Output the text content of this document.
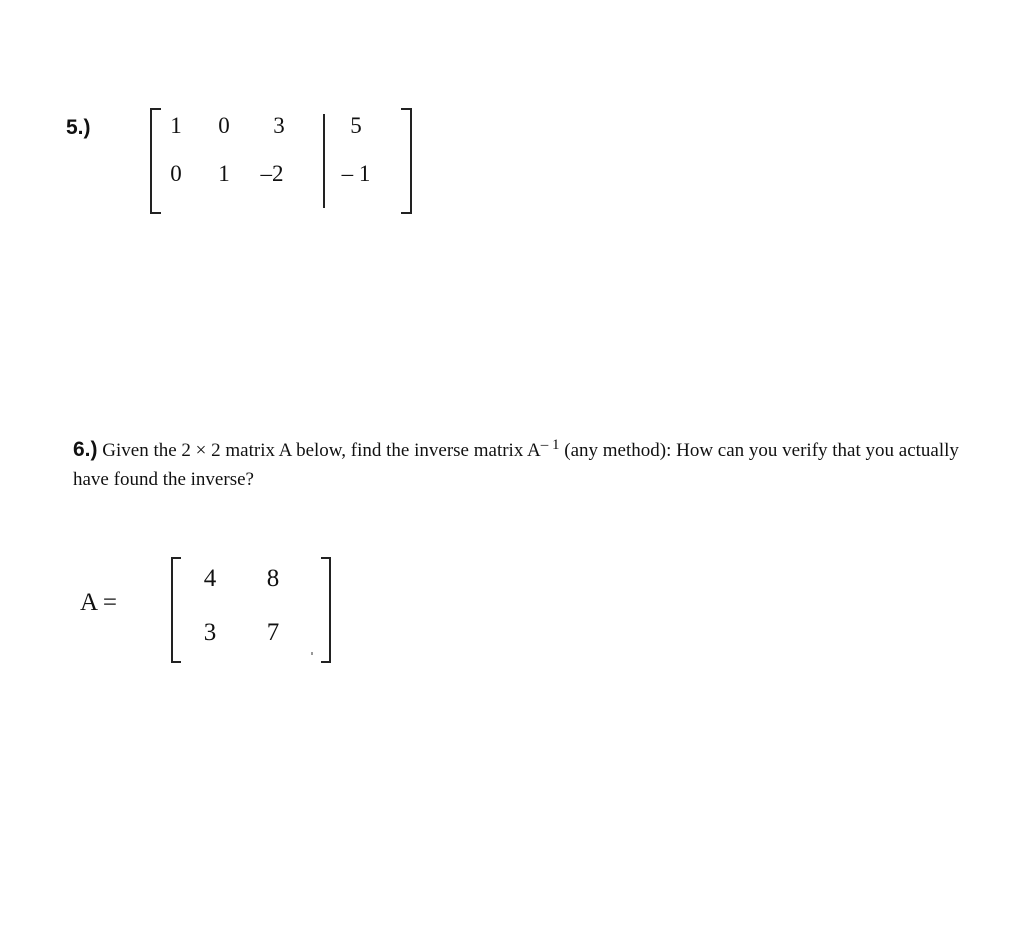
5.)	1	0	3	5
0	1	–2	– 1
6.) Given the 2 × 2 matrix A below, find the inverse matrix $A^{- 1}$ (any method): How can you verify that you actually have found the inverse?
A =
4	8
3	7
